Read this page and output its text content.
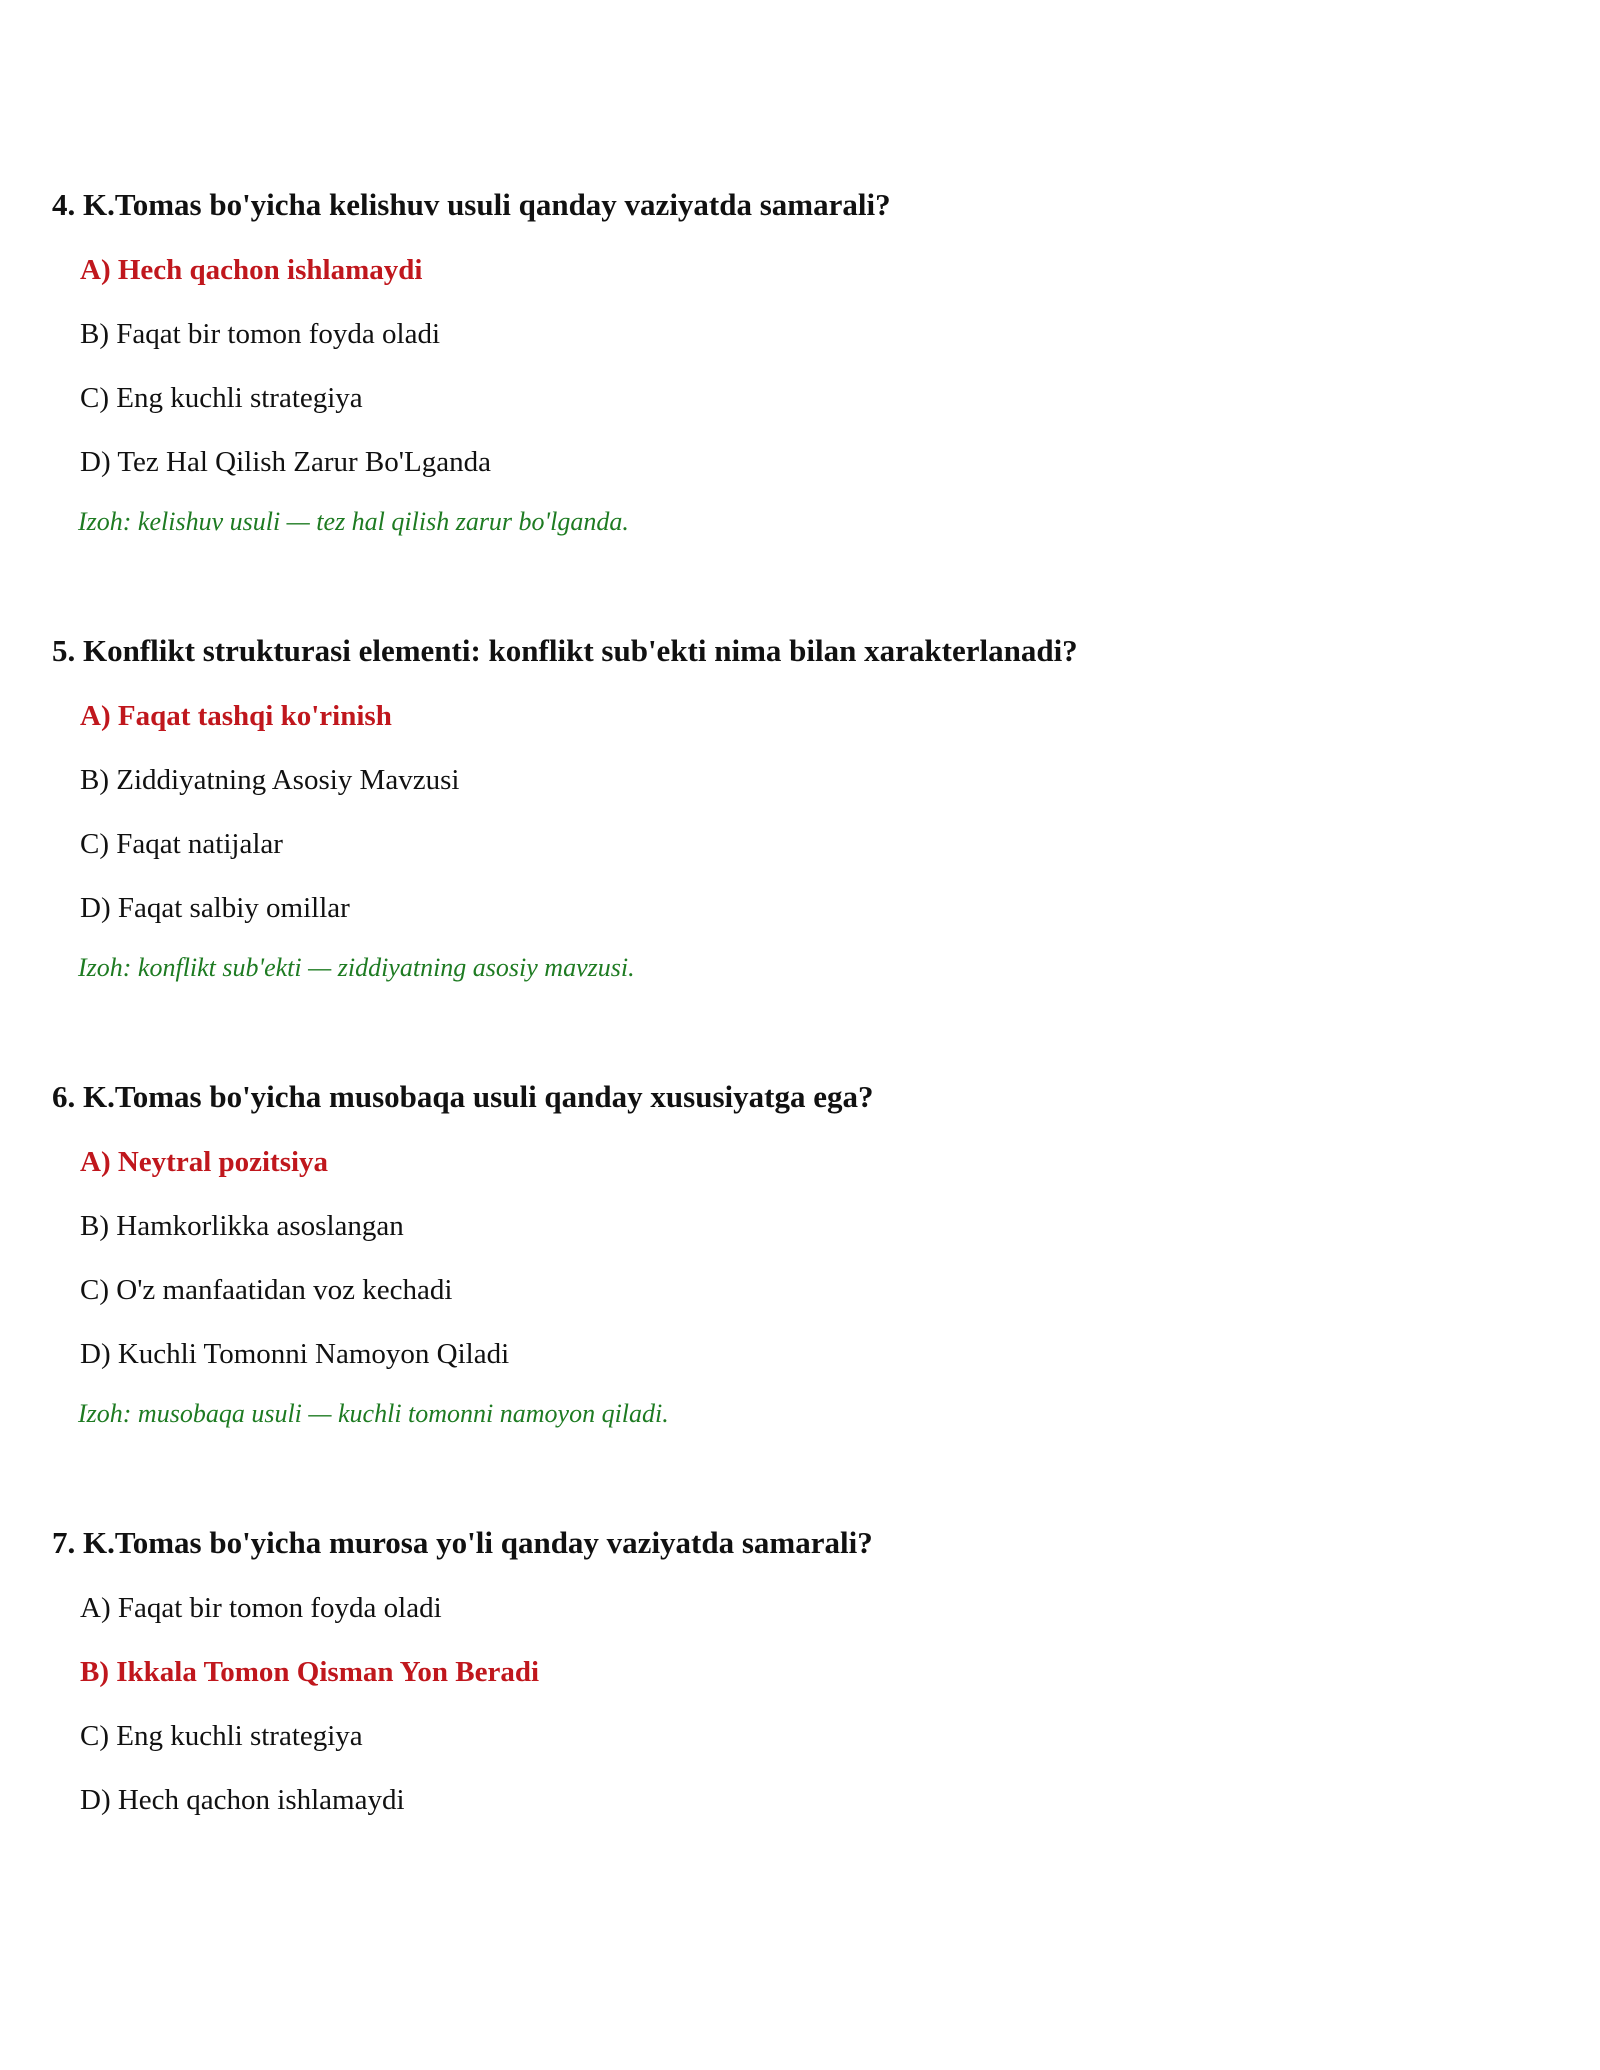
4. K.Tomas bo'yicha kelishuv usuli qanday vaziyatda samarali?

A) Hech qachon ishlamaydi
B) Faqat bir tomon foyda oladi
C) Eng kuchli strategiya
D) Tez Hal Qilish Zarur Bo'Lganda
Izoh: kelishuv usuli — tez hal qilish zarur bo'lganda.

5. Konflikt strukturasi elementi: konflikt sub'ekti nima bilan xarakterlanadi?

A) Faqat tashqi ko'rinish
B) Ziddiyatning Asosiy Mavzusi
C) Faqat natijalar
D) Faqat salbiy omillar
Izoh: konflikt sub'ekti — ziddiyatning asosiy mavzusi.

6. K.Tomas bo'yicha musobaqa usuli qanday xususiyatga ega?

A) Neytral pozitsiya
B) Hamkorlikka asoslangan
C) O'z manfaatidan voz kechadi
D) Kuchli Tomonni Namoyon Qiladi
Izoh: musobaqa usuli — kuchli tomonni namoyon qiladi.

7. K.Tomas bo'yicha murosa yo'li qanday vaziyatda samarali?

A) Faqat bir tomon foyda oladi
B) Ikkala Tomon Qisman Yon Beradi
C) Eng kuchli strategiya
D) Hech qachon ishlamaydi
